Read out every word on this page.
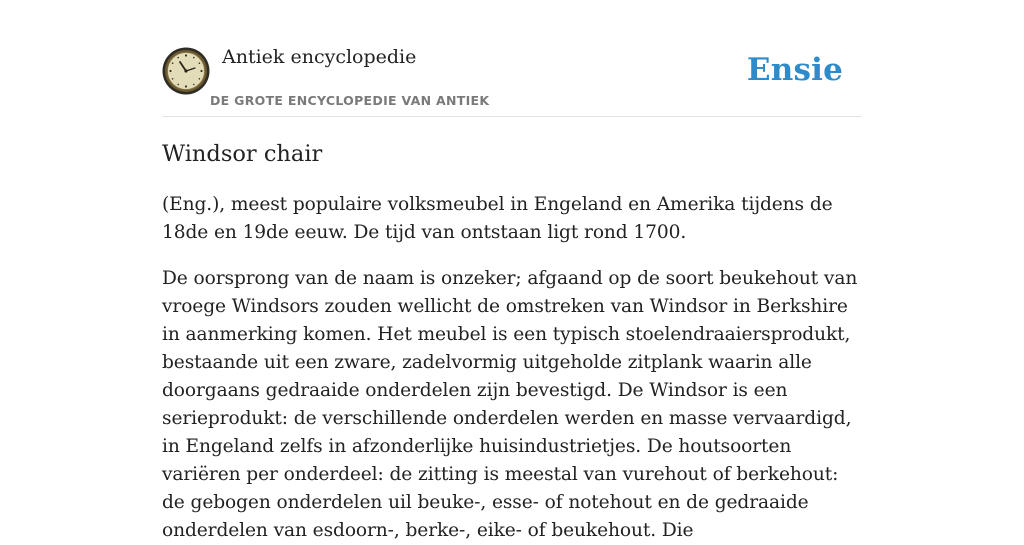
Antiek encyclopedie
DE GROTE ENCYCLOPEDIE VAN ANTIEK
Ensie
Windsor chair

(Eng.), meest populaire volksmeubel in Engeland en Amerika tijdens de 18de en 19de eeuw. De tijd van ontstaan ligt rond 1700.

De oorsprong van de naam is onzeker; afgaand op de soort beukehout van vroege Windsors zouden wellicht de omstreken van Windsor in Berkshire in aanmerking komen. Het meubel is een typisch stoelendraaiersprodukt, bestaande uit een zware, zadelvormig uitgeholde zitplank waarin alle doorgaans gedraaide onderdelen zijn bevestigd. De Windsor is een serieprodukt: de verschillende onderdelen werden en masse vervaardigd, in Engeland zelfs in afzonderlijke huisindustrietjes. De houtsoorten variëren per onderdeel: de zitting is meestal van vurehout of berkehout: de gebogen onderdelen uil beuke-, esse- of notehout en de gedraaide onderdelen van esdoorn-, berke-, eike- of beukehout. Die
